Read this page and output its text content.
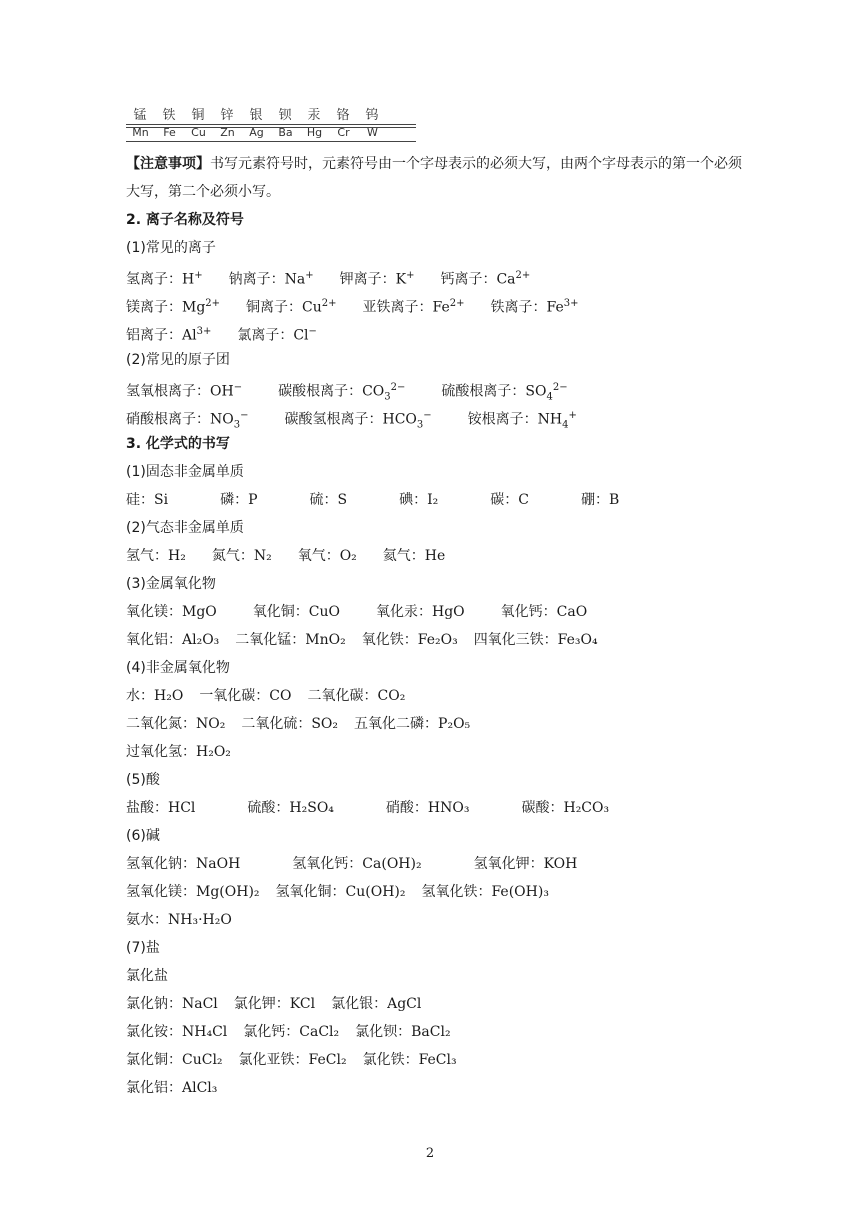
锰	铁	铜	锌	银	钡	汞	铬	钨
Mn	Fe	Cu	Zn	Ag	Ba	Hg	Cr	W
【注意事项】书写元素符号时，元素符号由一个字母表示的必须大写，由两个字母表示的第一个必须大写，第二个必须小写。
2. 离子名称及符号
(1)常见的离子
氢离子：H+ 钠离子：Na+ 钾离子：K+ 钙离子：$Ca^{2+}$
镁离子：$Mg^{2+}$ 铜离子：$Cu^{2+}$ 亚铁离子：$Fe^{2+}$ 铁离子：$Fe^{3+}$
铝离子：$Al^{3+}$ 氯离子：Cl−
(2)常见的原子团
氢氧根离子：OH−	碳酸根离子：$CO_3^{2-}$	硫酸根离子：$SO_4^{2-}$
硝酸根离子：$NO_3^-$	碳酸氢根离子：$HCO_3^-$	铵根离子：$NH_4^+$
3. 化学式的书写
(1)固态非金属单质
硅：Si	磷：P	硫：S	碘：I₂	碳：C	硼：B
(2)气态非金属单质
氢气：H₂ 氮气：N₂ 氧气：O₂ 氦气：He
(3)金属氧化物
氧化镁：MgO	氧化铜：CuO	氧化汞：HgO	氧化钙：CaO
氧化铝：Al₂O₃ 二氧化锰：MnO₂ 氧化铁：Fe₂O₃ 四氧化三铁：Fe₃O₄
(4)非金属氧化物
水：H₂O 一氧化碳：CO 二氧化碳：CO₂
二氧化氮：NO₂ 二氧化硫：SO₂ 五氧化二磷：P₂O₅
过氧化氢：H₂O₂
(5)酸
盐酸：HCl	硫酸：H₂SO₄	硝酸：HNO₃	碳酸：H₂CO₃
(6)碱
氢氧化钠：NaOH	氢氧化钙：Ca(OH)₂	氢氧化钾：KOH
氢氧化镁：Mg(OH)₂ 氢氧化铜：Cu(OH)₂ 氢氧化铁：Fe(OH)₃
氨水：NH₃·H₂O
(7)盐
氯化盐
氯化钠：NaCl 氯化钾：KCl 氯化银：AgCl
氯化铵：NH₄Cl 氯化钙：CaCl₂ 氯化钡：BaCl₂
氯化铜：CuCl₂ 氯化亚铁：FeCl₂ 氯化铁：FeCl₃
氯化铝：AlCl₃
2
